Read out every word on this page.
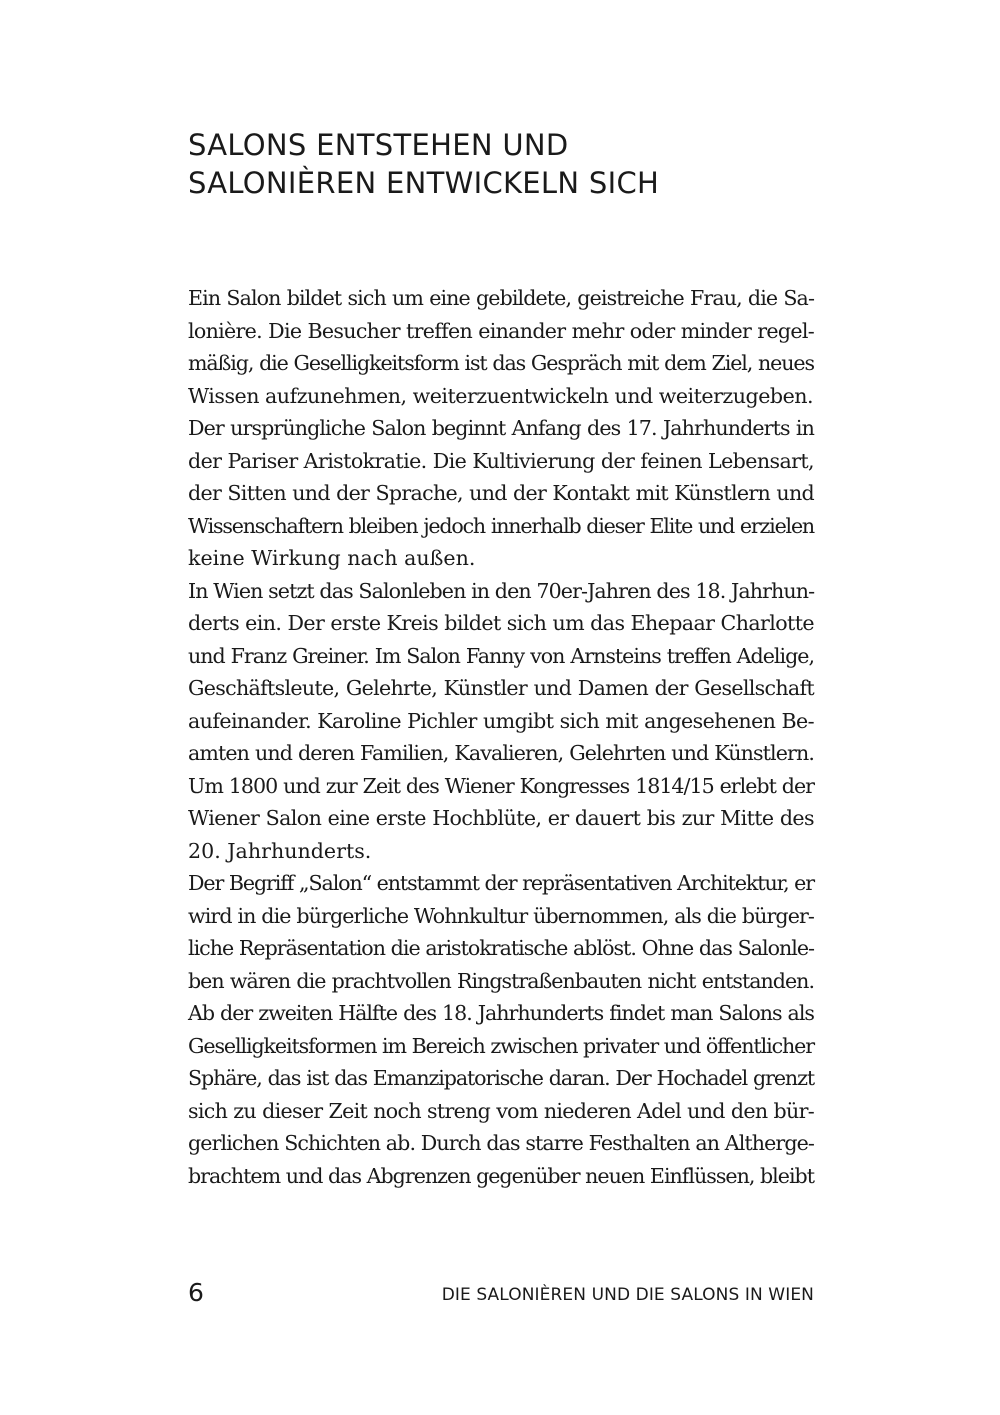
SALONS ENTSTEHEN UND
SALONIÈREN ENTWICKELN SICH
Ein Salon bildet sich um eine gebildete, geistreiche Frau, die Sa-
lonière. Die Besucher treffen einander mehr oder minder regel-
mäßig, die Geselligkeitsform ist das Gespräch mit dem Ziel, neues
Wissen aufzunehmen, weiterzuentwickeln und weiterzugeben.
Der ursprüngliche Salon beginnt Anfang des 17. Jahrhunderts in
der Pariser Aristokratie. Die Kultivierung der feinen Lebensart,
der Sitten und der Sprache, und der Kontakt mit Künstlern und
Wissenschaftern bleiben jedoch innerhalb dieser Elite und erzielen
keine Wirkung nach außen.
In Wien setzt das Salonleben in den 70er-Jahren des 18. Jahrhun-
derts ein. Der erste Kreis bildet sich um das Ehepaar Charlotte
und Franz Greiner. Im Salon Fanny von Arnsteins treffen Adelige,
Geschäftsleute, Gelehrte, Künstler und Damen der Gesellschaft
aufeinander. Karoline Pichler umgibt sich mit angesehenen Be-
amten und deren Familien, Kavalieren, Gelehrten und Künstlern.
Um 1800 und zur Zeit des Wiener Kongresses 1814/15 erlebt der
Wiener Salon eine erste Hochblüte, er dauert bis zur Mitte des
20. Jahrhunderts.
Der Begriff „Salon“ entstammt der repräsentativen Architektur, er
wird in die bürgerliche Wohnkultur übernommen, als die bürger-
liche Repräsentation die aristokratische ablöst. Ohne das Salonle-
ben wären die prachtvollen Ringstraßenbauten nicht entstanden.
Ab der zweiten Hälfte des 18. Jahrhunderts findet man Salons als
Geselligkeitsformen im Bereich zwischen privater und öffentlicher
Sphäre, das ist das Emanzipatorische daran. Der Hochadel grenzt
sich zu dieser Zeit noch streng vom niederen Adel und den bür-
gerlichen Schichten ab. Durch das starre Festhalten an Altherge-
brachtem und das Abgrenzen gegenüber neuen Einflüssen, bleibt
6	DIE SALONIÈREN UND DIE SALONS IN WIEN
